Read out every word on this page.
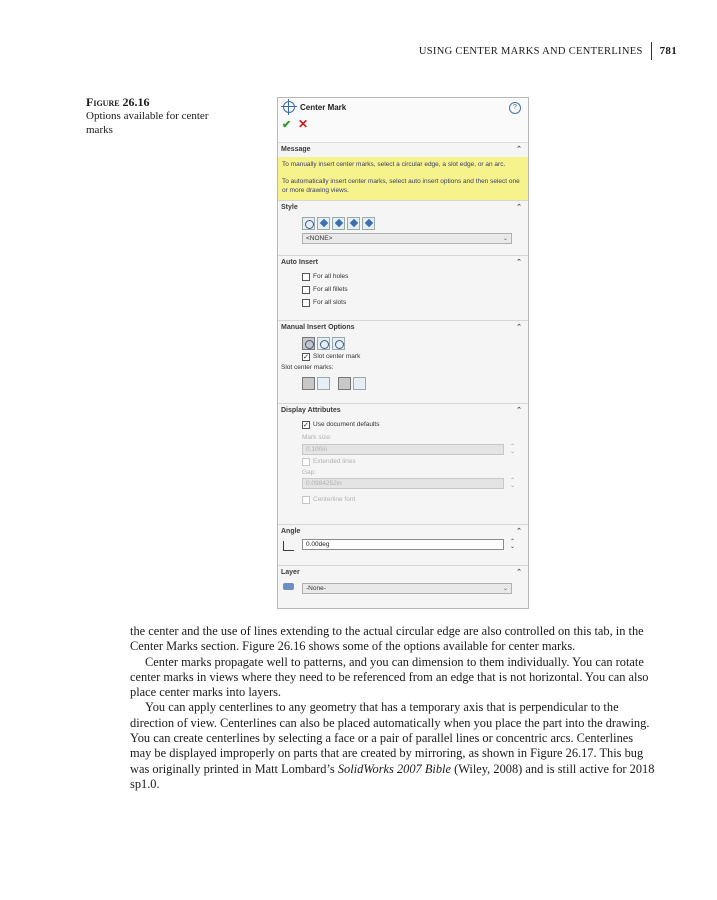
USING CENTER MARKS AND CENTERLINES	781
Figure 26.16
Options available for center marks
Center Mark	?
✔ ✕
Message	⌃

To manually insert center marks, select a circular edge, a slot edge, or an arc.

To automatically insert center marks, select auto insert options and then select one or more drawing views.

Style	⌃
<NONE>	⌄
Auto Insert	⌃
For all holes
For all fillets
For all slots
Manual Insert Options	⌃
✓
Slot center mark
Slot center marks:
Display Attributes	⌃
✓
Use document defaults
Mark size:
0.100in	⌃
⌄
Extended lines
Gap:
0.0984252in	⌃
⌄
Centerline font
Angle	⌃
0.00deg	⌃
⌄
Layer	⌃
-None-	⌄

the center and the use of lines extending to the actual circular edge are also controlled on this tab, in the Center Marks section. Figure 26.16 shows some of the options available for center marks.

Center marks propagate well to patterns, and you can dimension to them individually. You can rotate center marks in views where they need to be referenced from an edge that is not horizontal. You can also place center marks into layers.

You can apply centerlines to any geometry that has a temporary axis that is perpendicular to the direction of view. Centerlines can also be placed automatically when you place the part into the drawing. You can create centerlines by selecting a face or a pair of parallel lines or concentric arcs. Centerlines may be displayed improperly on parts that are created by mirroring, as shown in Figure 26.17. This bug was originally printed in Matt Lombard’s SolidWorks 2007 Bible (Wiley, 2008) and is still active for 2018 sp1.0.
